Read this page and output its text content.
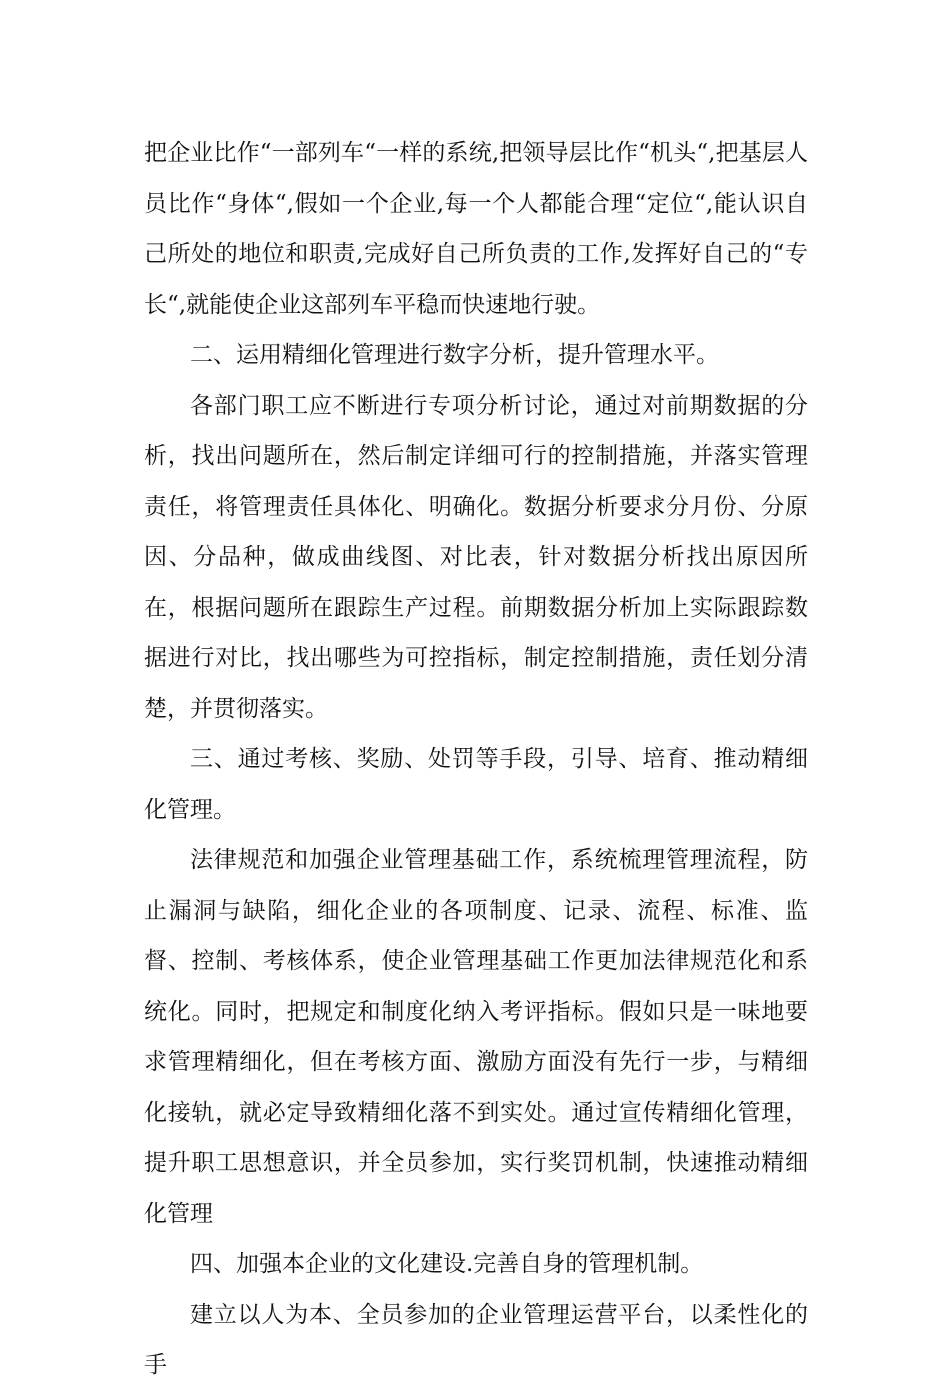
把企业比作“一部列车“一样的系统,把领导层比作“机头“,把基层人员比作“身体“,假如一个企业,每一个人都能合理“定位“,能认识自己所处的地位和职责,完成好自己所负责的工作,发挥好自己的“专长“,就能使企业这部列车平稳而快速地行驶。

二、运用精细化管理进行数字分析，提升管理水平。

各部门职工应不断进行专项分析讨论，通过对前期数据的分析，找出问题所在，然后制定详细可行的控制措施，并落实管理责任，将管理责任具体化、明确化。数据分析要求分月份、分原因、分品种，做成曲线图、对比表，针对数据分析找出原因所在，根据问题所在跟踪生产过程。前期数据分析加上实际跟踪数据进行对比，找出哪些为可控指标，制定控制措施，责任划分清楚，并贯彻落实。

三、通过考核、奖励、处罚等手段，引导、培育、推动精细化管理。

法律规范和加强企业管理基础工作，系统梳理管理流程，防止漏洞与缺陷，细化企业的各项制度、记录、流程、标准、监督、控制、考核体系，使企业管理基础工作更加法律规范化和系统化。同时，把规定和制度化纳入考评指标。假如只是一味地要求管理精细化，但在考核方面、激励方面没有先行一步，与精细化接轨，就必定导致精细化落不到实处。通过宣传精细化管理，提升职工思想意识，并全员参加，实行奖罚机制，快速推动精细化管理

四、加强本企业的文化建设.完善自身的管理机制。

建立以人为本、全员参加的企业管理运营平台，以柔性化的手
